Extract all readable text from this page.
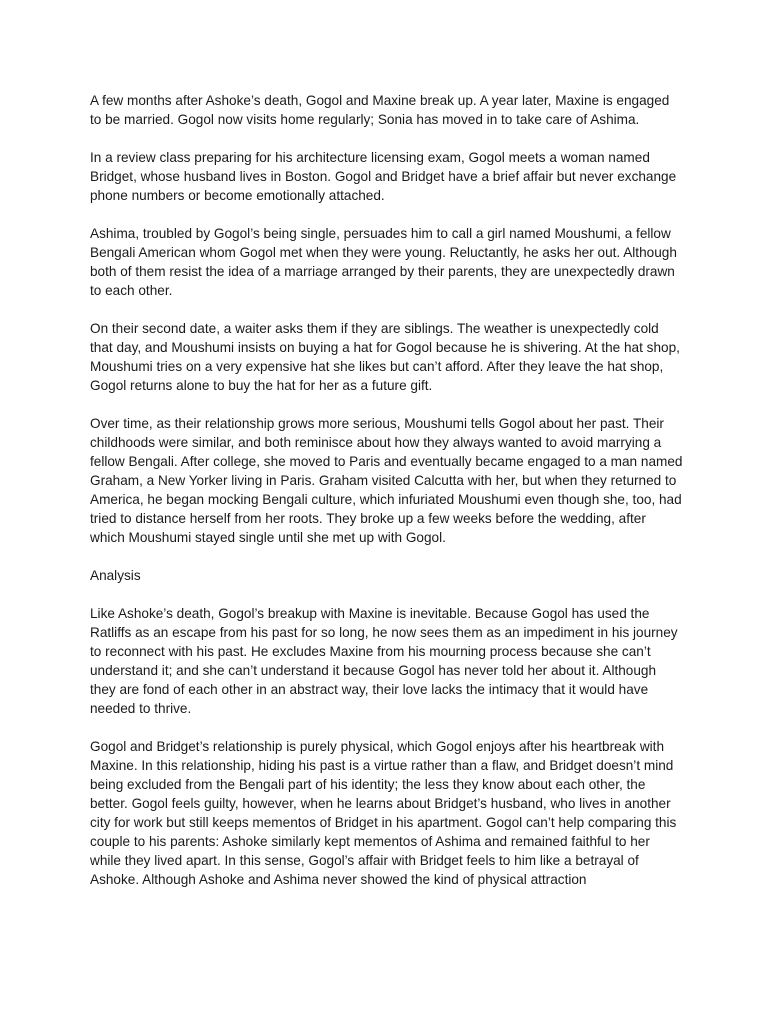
A few months after Ashoke’s death, Gogol and Maxine break up. A year later, Maxine is engaged to be married. Gogol now visits home regularly; Sonia has moved in to take care of Ashima.

In a review class preparing for his architecture licensing exam, Gogol meets a woman named Bridget, whose husband lives in Boston. Gogol and Bridget have a brief affair but never exchange phone numbers or become emotionally attached.

Ashima, troubled by Gogol’s being single, persuades him to call a girl named Moushumi, a fellow Bengali American whom Gogol met when they were young. Reluctantly, he asks her out. Although both of them resist the idea of a marriage arranged by their parents, they are unexpectedly drawn to each other.

On their second date, a waiter asks them if they are siblings. The weather is unexpectedly cold that day, and Moushumi insists on buying a hat for Gogol because he is shivering. At the hat shop, Moushumi tries on a very expensive hat she likes but can’t afford. After they leave the hat shop, Gogol returns alone to buy the hat for her as a future gift.

Over time, as their relationship grows more serious, Moushumi tells Gogol about her past. Their childhoods were similar, and both reminisce about how they always wanted to avoid marrying a fellow Bengali. After college, she moved to Paris and eventually became engaged to a man named Graham, a New Yorker living in Paris. Graham visited Calcutta with her, but when they returned to America, he began mocking Bengali culture, which infuriated Moushumi even though she, too, had tried to distance herself from her roots. They broke up a few weeks before the wedding, after which Moushumi stayed single until she met up with Gogol.

Analysis

Like Ashoke’s death, Gogol’s breakup with Maxine is inevitable. Because Gogol has used the Ratliffs as an escape from his past for so long, he now sees them as an impediment in his journey to reconnect with his past. He excludes Maxine from his mourning process because she can’t understand it; and she can’t understand it because Gogol has never told her about it. Although they are fond of each other in an abstract way, their love lacks the intimacy that it would have needed to thrive.

Gogol and Bridget’s relationship is purely physical, which Gogol enjoys after his heartbreak with Maxine. In this relationship, hiding his past is a virtue rather than a flaw, and Bridget doesn’t mind being excluded from the Bengali part of his identity; the less they know about each other, the better. Gogol feels guilty, however, when he learns about Bridget’s husband, who lives in another city for work but still keeps mementos of Bridget in his apartment. Gogol can’t help comparing this couple to his parents: Ashoke similarly kept mementos of Ashima and remained faithful to her while they lived apart. In this sense, Gogol’s affair with Bridget feels to him like a betrayal of Ashoke. Although Ashoke and Ashima never showed the kind of physical attraction
